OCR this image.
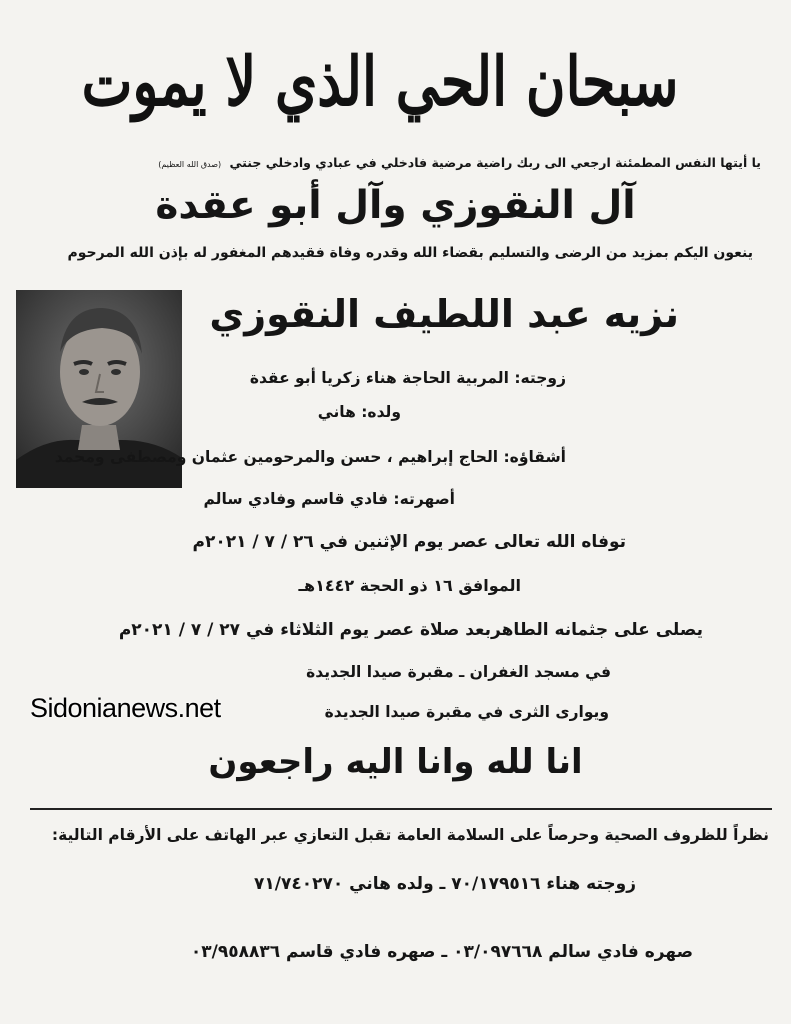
سبحان الحي الذي لا يموت
يا أيتها النفس المطمئنة ارجعي الى ربك راضية مرضية فادخلي في عبادي وادخلي جنتي (صدق الله العظيم)
آل النقوزي وآل أبو عقدة
ينعون اليكم بمزيد من الرضى والتسليم بقضاء الله وقدره وفاة فقيدهم المغفور له بإذن الله المرحوم
نزيه عبد اللطيف النقوزي
زوجته: المربية الحاجة هناء زكريا أبو عقدة
ولده: هاني
أشقاؤه: الحاج إبراهيم ، حسن والمرحومين عثمان ومصطفى ومحمد
أصهرته: فادي قاسم وفادي سالم
توفاه الله تعالى عصر يوم الإثنين في ٢٦ / ٧ / ٢٠٢١م
الموافق ١٦ ذو الحجة ١٤٤٢هـ
يصلى على جثمانه الطاهربعد صلاة عصر يوم الثلاثاء في ٢٧ / ٧ / ٢٠٢١م
في مسجد الغفران ـ مقبرة صيدا الجديدة
ويوارى الثرى في مقبرة صيدا الجديدة
Sidonianews.net
انا لله وانا اليه راجعون
نظراً للظروف الصحية وحرصاً على السلامة العامة تقبل التعازي عبر الهاتف على الأرقام التالية:
زوجته هناء ٧٠/١٧٩٥١٦ ـ ولده هاني ٧١/٧٤٠٢٧٠
صهره فادي سالم ٠٣/٠٩٧٦٦٨ ـ صهره فادي قاسم ٠٣/٩٥٨٨٣٦
